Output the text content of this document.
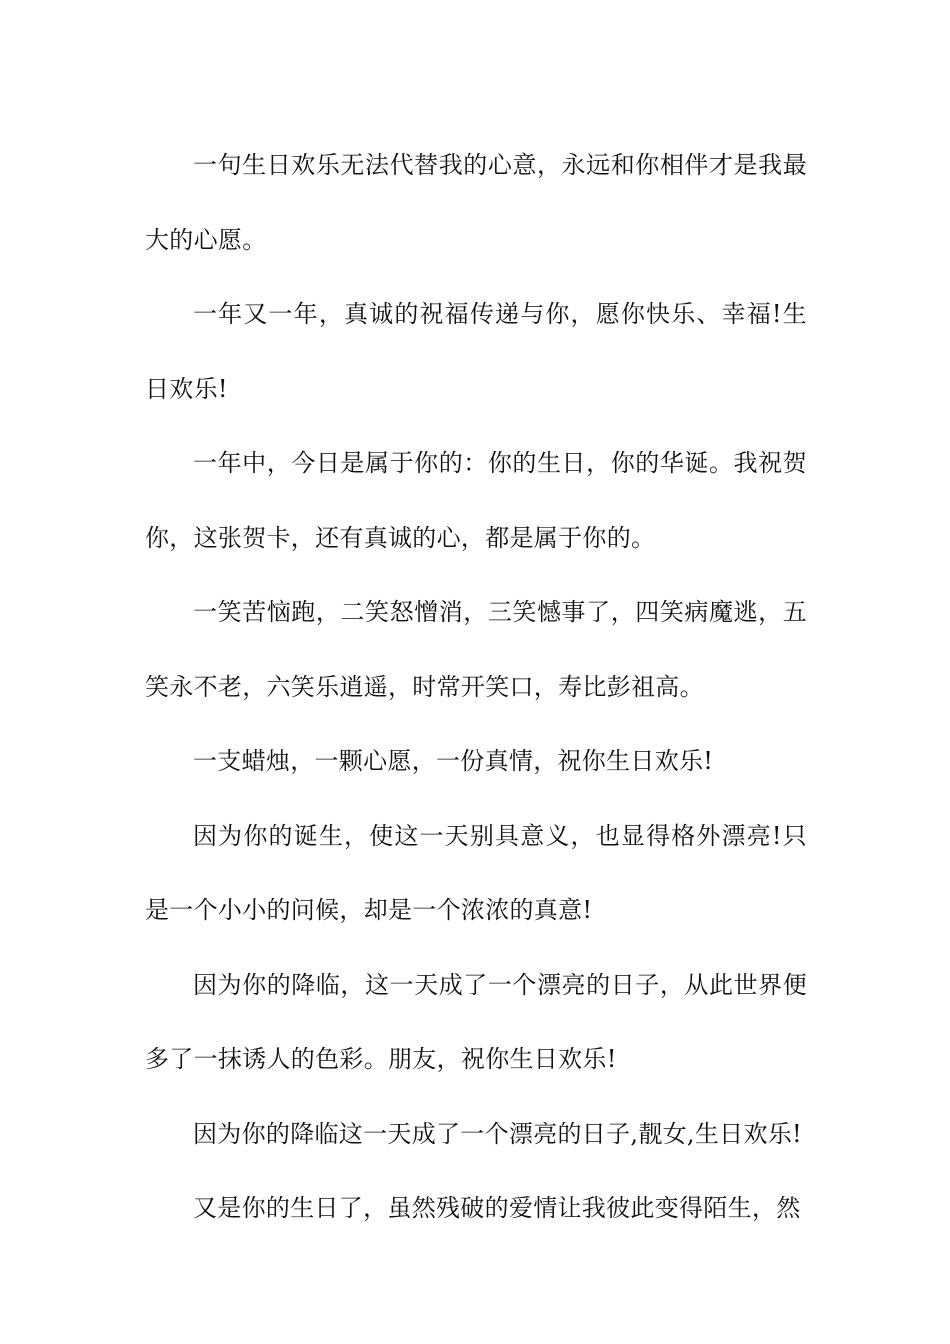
一句生日欢乐无法代替我的心意，永远和你相伴才是我最大的心愿。

一年又一年，真诚的祝福传递与你，愿你快乐、幸福!生日欢乐!

一年中，今日是属于你的：你的生日，你的华诞。我祝贺你，这张贺卡，还有真诚的心，都是属于你的。

一笑苦恼跑，二笑怒憎消，三笑憾事了，四笑病魔逃，五笑永不老，六笑乐逍遥，时常开笑口，寿比彭祖高。

一支蜡烛，一颗心愿，一份真情，祝你生日欢乐!

因为你的诞生，使这一天别具意义，也显得格外漂亮!只是一个小小的问候，却是一个浓浓的真意!

因为你的降临，这一天成了一个漂亮的日子，从此世界便多了一抹诱人的色彩。朋友，祝你生日欢乐!

因为你的降临这一天成了一个漂亮的日子,靓女,生日欢乐!

又是你的生日了，虽然残破的爱情让我彼此变得陌生，然
